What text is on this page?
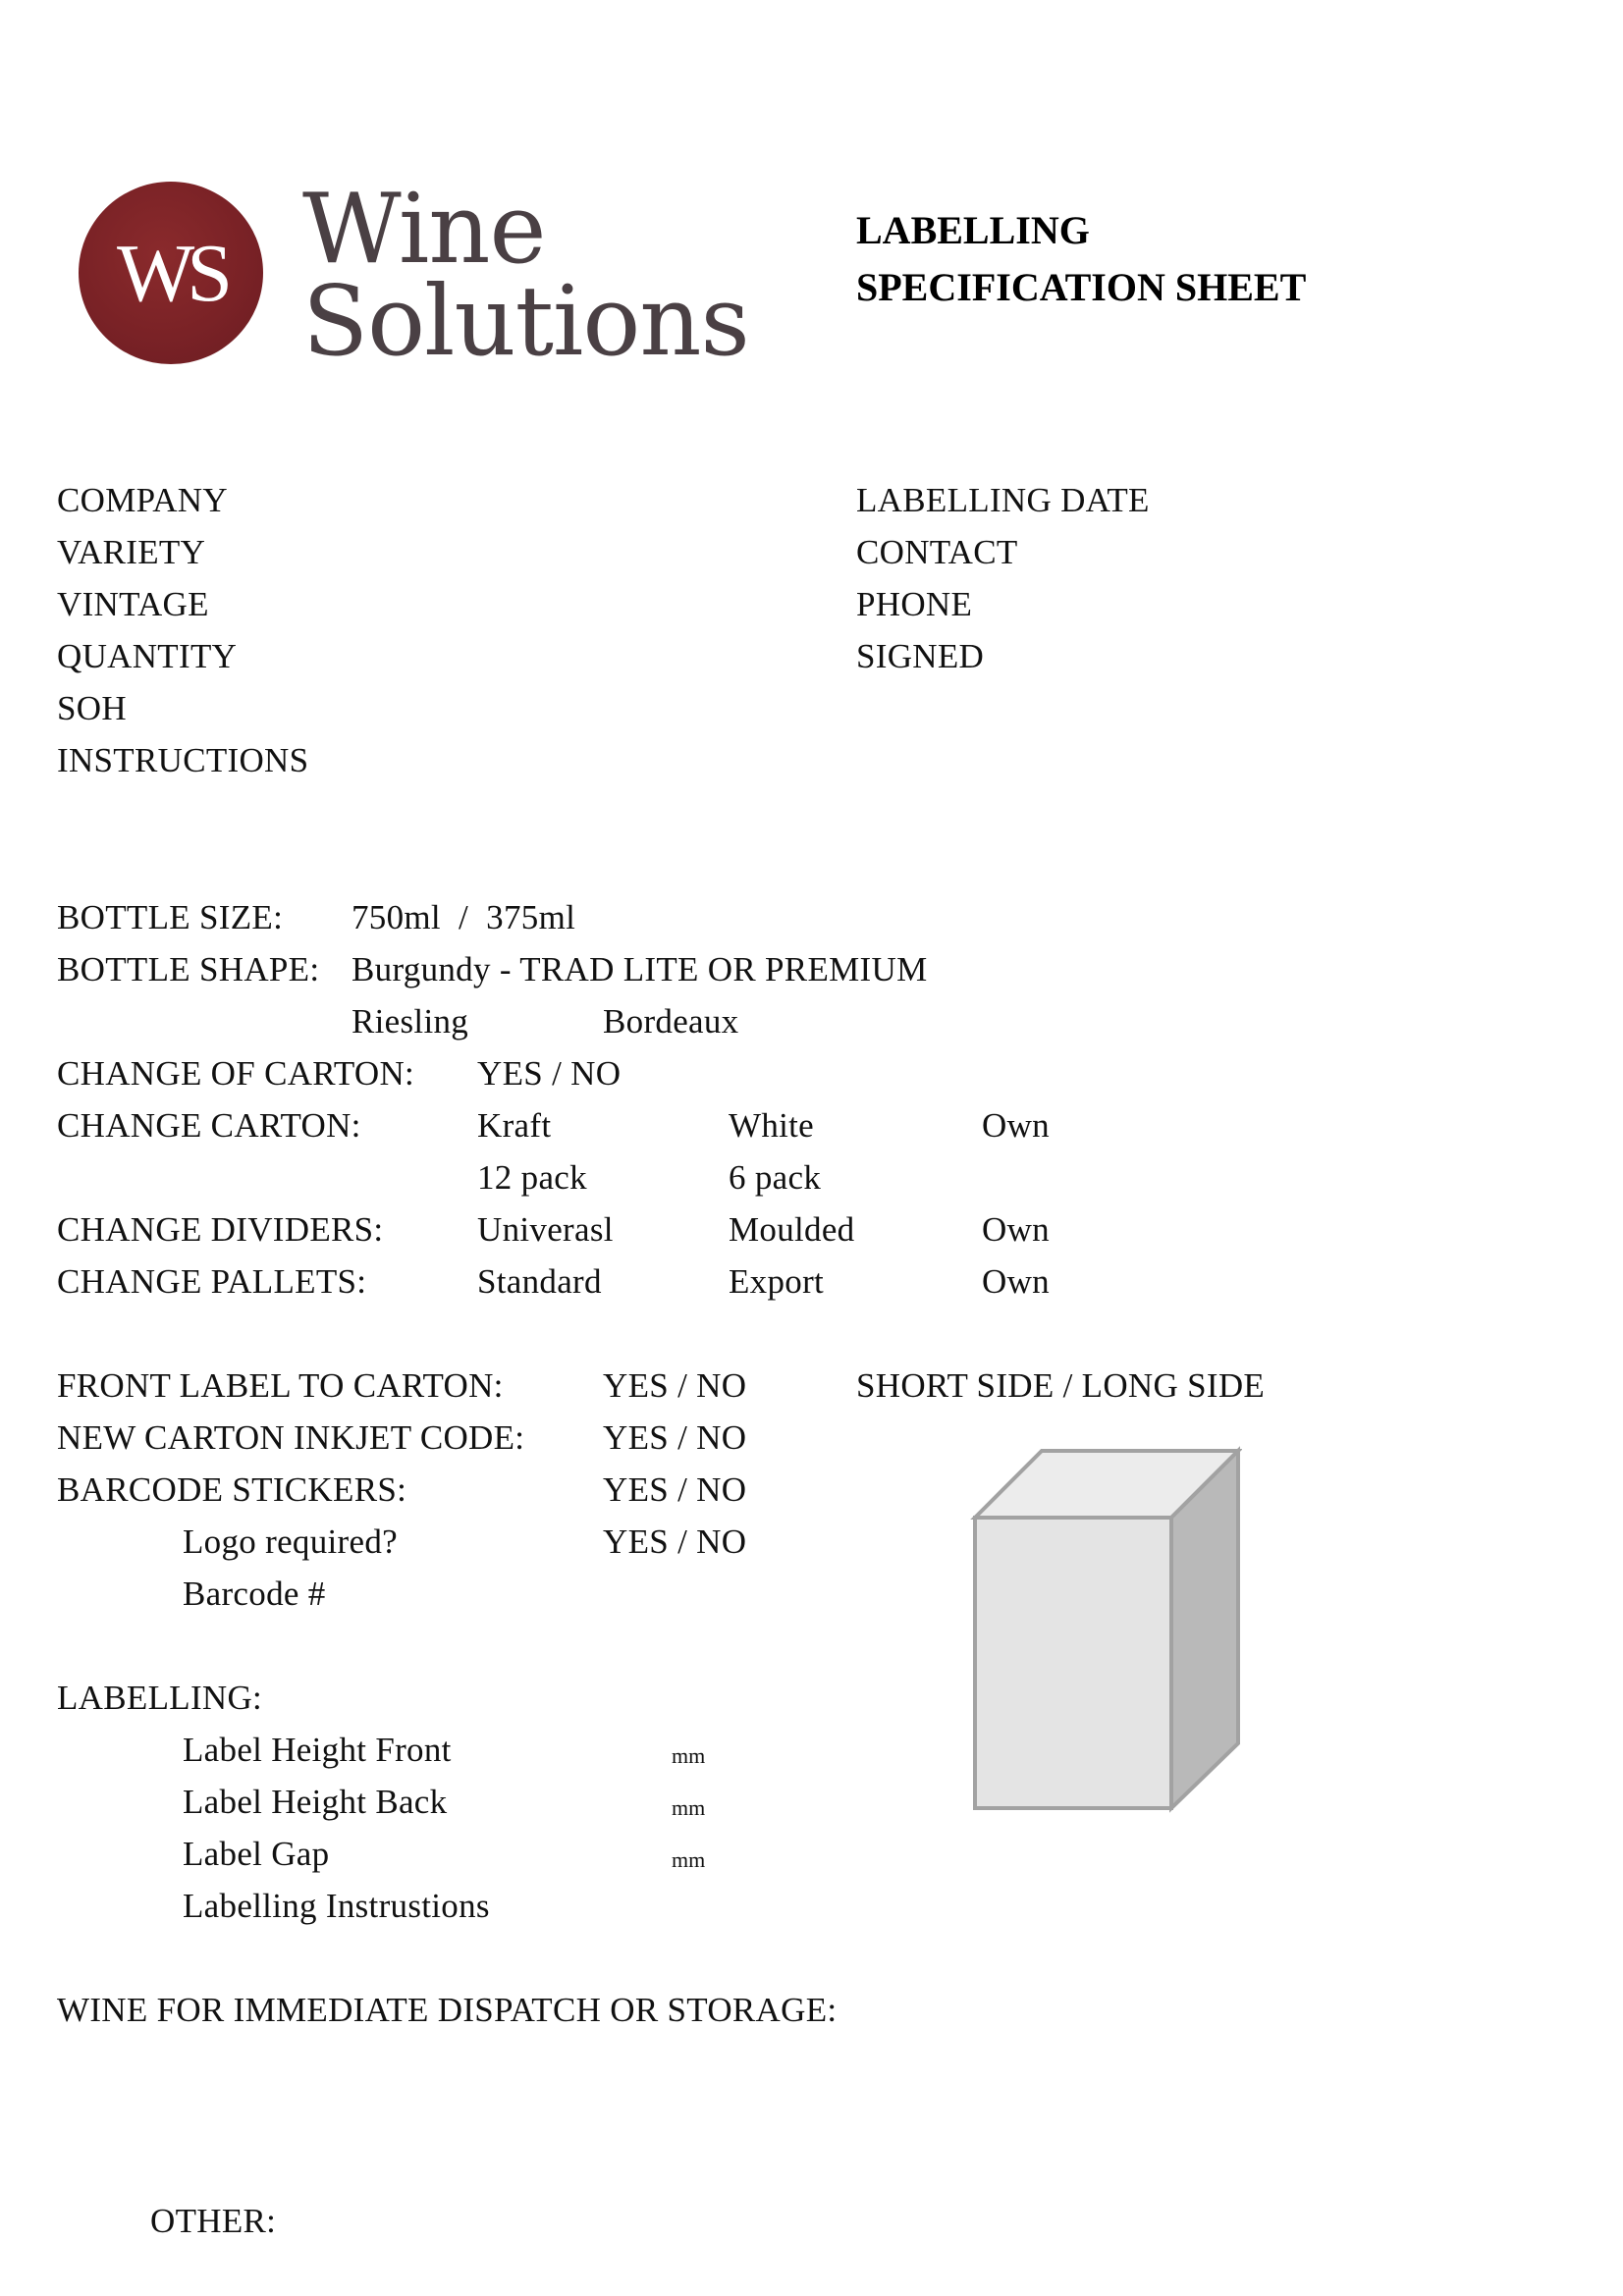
WS Wine
Solutions
LABELLING
SPECIFICATION SHEET
COMPANY
VARIETY
VINTAGE
QUANTITY
SOH
INSTRUCTIONS
LABELLING DATE
CONTACT
PHONE
SIGNED
BOTTLE SIZE: 750ml  /  375ml
BOTTLE SHAPE: Burgundy - TRAD LITE OR PREMIUM
Riesling	Bordeaux
CHANGE OF CARTON: YES / NO
CHANGE CARTON:	Kraft	White	Own
12 pack	6 pack
CHANGE DIVIDERS:	Univerasl	Moulded	Own
CHANGE PALLETS:	Standard	Export	Own
FRONT LABEL TO CARTON:	YES / NO	SHORT SIDE / LONG SIDE
NEW CARTON INKJET CODE: YES / NO
BARCODE STICKERS:	YES / NO
Logo required?	YES / NO
Barcode #
LABELLING:
Label Height Front	mm
Label Height Back	mm
Label Gap	mm
Labelling Instrustions
WINE FOR IMMEDIATE DISPATCH OR STORAGE:
OTHER:
